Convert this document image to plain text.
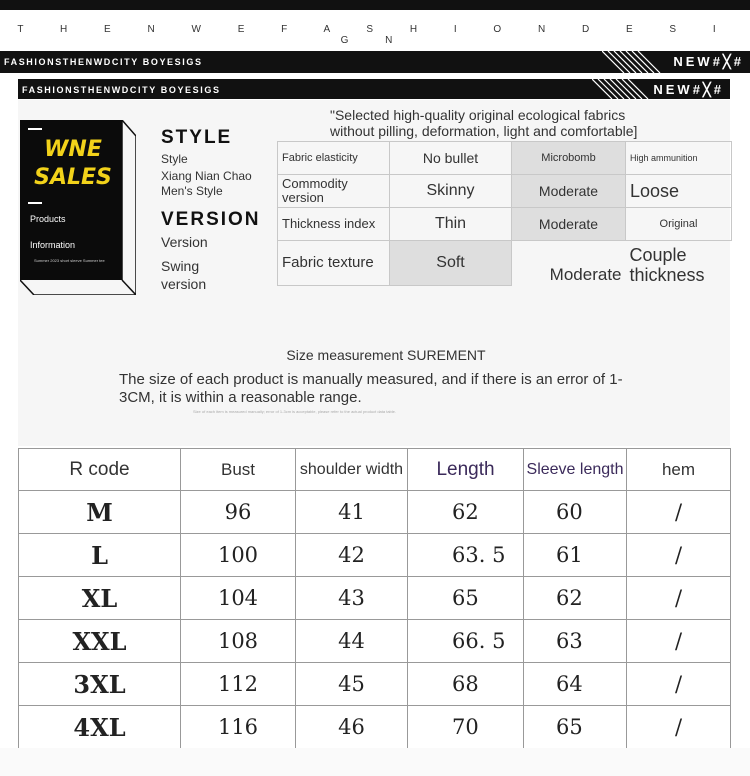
T H E N W E F A S H I O N D E S I G N
FASHIONSTHENWDCITY BOYESIGS	NEW#╳#
FASHIONSTHENWDCITY BOYESIGS	NEW#╳#
WNE
SALES
Products
Information
Summer 2023 short sleeve Summer tee
STYLE
Style
Xiang Nian Chao
Men's Style
VERSION
Version
Swing
version
"Selected high-quality original ecological fabrics
without pilling, deformation, light and comfortable]
Fabric elasticity	No bullet	Microbomb	High ammunition
Commodity version	Skinny	Moderate	Loose
Thickness index	Thin	Moderate	Original
Fabric texture	Soft	Moderate	Couple thickness
Size measurement SUREMENT
The size of each product is manually measured, and if there is an error of 1-3CM, it is within a reasonable range.
Size of each item is measured manually; error of 1-3cm is acceptable, please refer to the actual product data table.
R code	Bust	shoulder width	Length	Sleeve length	hem
M	96	41	62	60	/
L	100	42	63. 5	61	/
XL	104	43	65	62	/
XXL	108	44	66. 5	63	/
3XL	112	45	68	64	/
4XL	116	46	70	65	/
